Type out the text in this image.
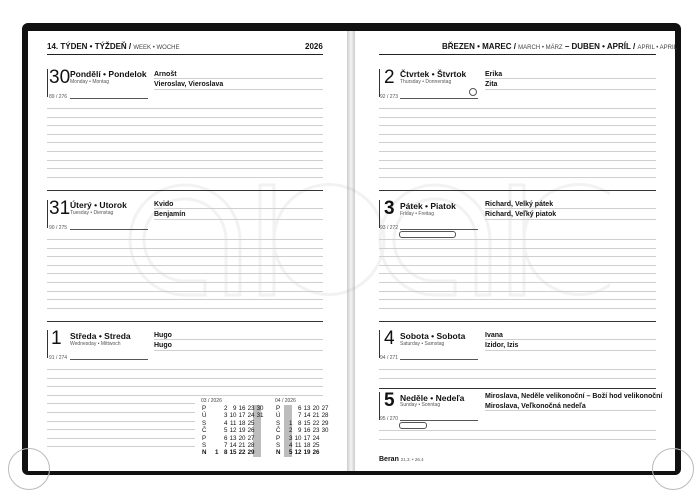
14. TÝDEN • TÝŽDEŇ / WEEK • WOCHE	2026	BŘEZEN • MAREC / MARCH • MÄRZ – DUBEN • APRÍL / APRIL • APRIL
30 Pondělí • Pondelok
Monday • Montag
89 / 276
Arnošt
Vieroslav, Vieroslava
31 Úterý • Utorok
Tuesday • Dienstag
90 / 275
Kvido
Benjamín
1 Středa • Streda
Wednesday • Mittwoch
91 / 274
Hugo
Hugo
2 Čtvrtek • Štvrtok
Thursday • Donnerstag
92 / 273
Erika
Zita
3 Pátek • Piatok
Friday • Freitag
93 / 272
Richard, Velký pátek
Richard, Veľký piatok
4 Sobota • Sobota
Saturday • Samstag
94 / 271
Ivana
Izidor, Izis
5 Neděle • Nedeľa
Sunday • Sonntag
95 / 270
Miroslava, Neděle velikonoční – Boží hod velikonoční
Miroslava, Veľkonočná nedeľa
03 / 2026	04 / 2026
P		2	9	16	23	30
Ú		3	10	17	24	31
S		4	11	18	25	
Č		5	12	19	26	
P		6	13	20	27	
S		7	14	21	28	
N	1	8	15	22	29	
P		6	13	20	27
Ú		7	14	21	28
S	1	8	15	22	29
Č	2	9	16	23	30
P	3	10	17	24	
S	4	11	18	25	
N	5	12	19	26	
Beran 21.3. • 26.4
